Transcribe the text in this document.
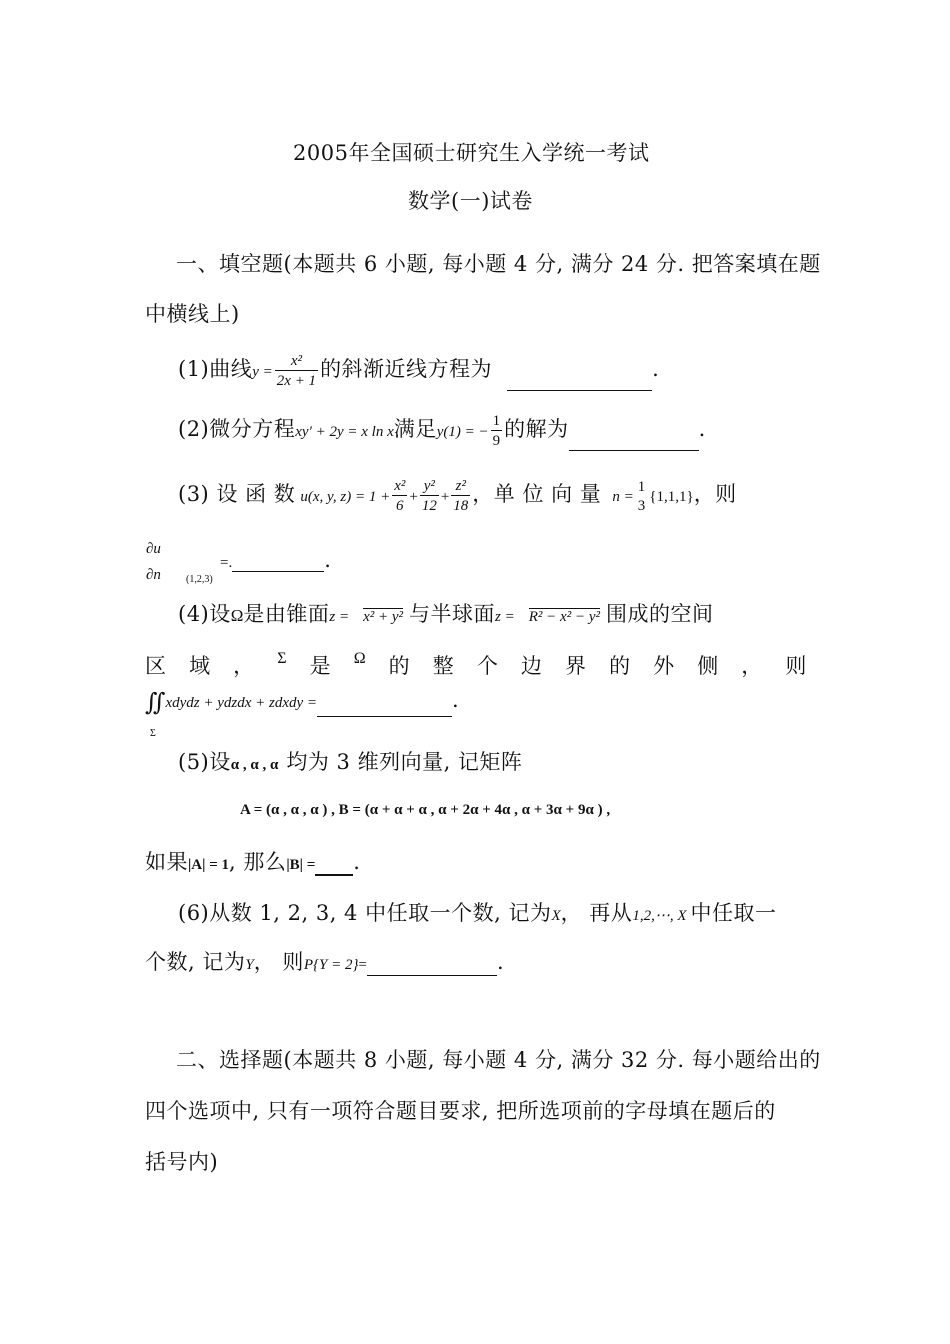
2005年全国硕士研究生入学统一考试
数学(一)试卷
一、填空题(本题共 6 小题, 每小题 4 分, 满分 24 分. 把答案填在题
中横线上)
(1)曲线$y = \frac{\text{x²}}{2x + 1}$ 的斜渐近线方程为	.
(2)微分方程xy′ + 2y = x ln x满足y(1) = − $\frac{1}{9}$ 的解为	.
(3) 设 函 数 u(x, y, $z) = 1 + \frac{\text{x²}}{6} + \frac{\text{y²}}{12} + \frac{\text{z²}}{18}$ ，单 位 向 量 n =
1
3
{1,1,1}，则
∂u
∂n	(1,2,3)
=.	.
(4)设Ω是由锥面z = x² + y² 与半球面z = R² − x² − y² 围成的空间
区 域 ， Σ 是 Ω 的 整 个 边 界 的 外 侧 ， 则
∬xdydz + ydzdx + zdxdy =	.
Σ
(5)设α , α , α 均为 3 维列向量, 记矩阵
A = (α , α , α ) , B = (α + α + α , α + 2α + 4α , α + 3α + 9α ) ,
如果|A| = 1, 那么|B| = .
(6)从数 1, 2, 3, 4 中任取一个数, 记为X， 再从1,2,⋯, X 中任取一
个数, 记为Y， 则P{Y = 2}=	.
二、选择题(本题共 8 小题, 每小题 4 分, 满分 32 分. 每小题给出的
四个选项中, 只有一项符合题目要求, 把所选项前的字母填在题后的
括号内)
